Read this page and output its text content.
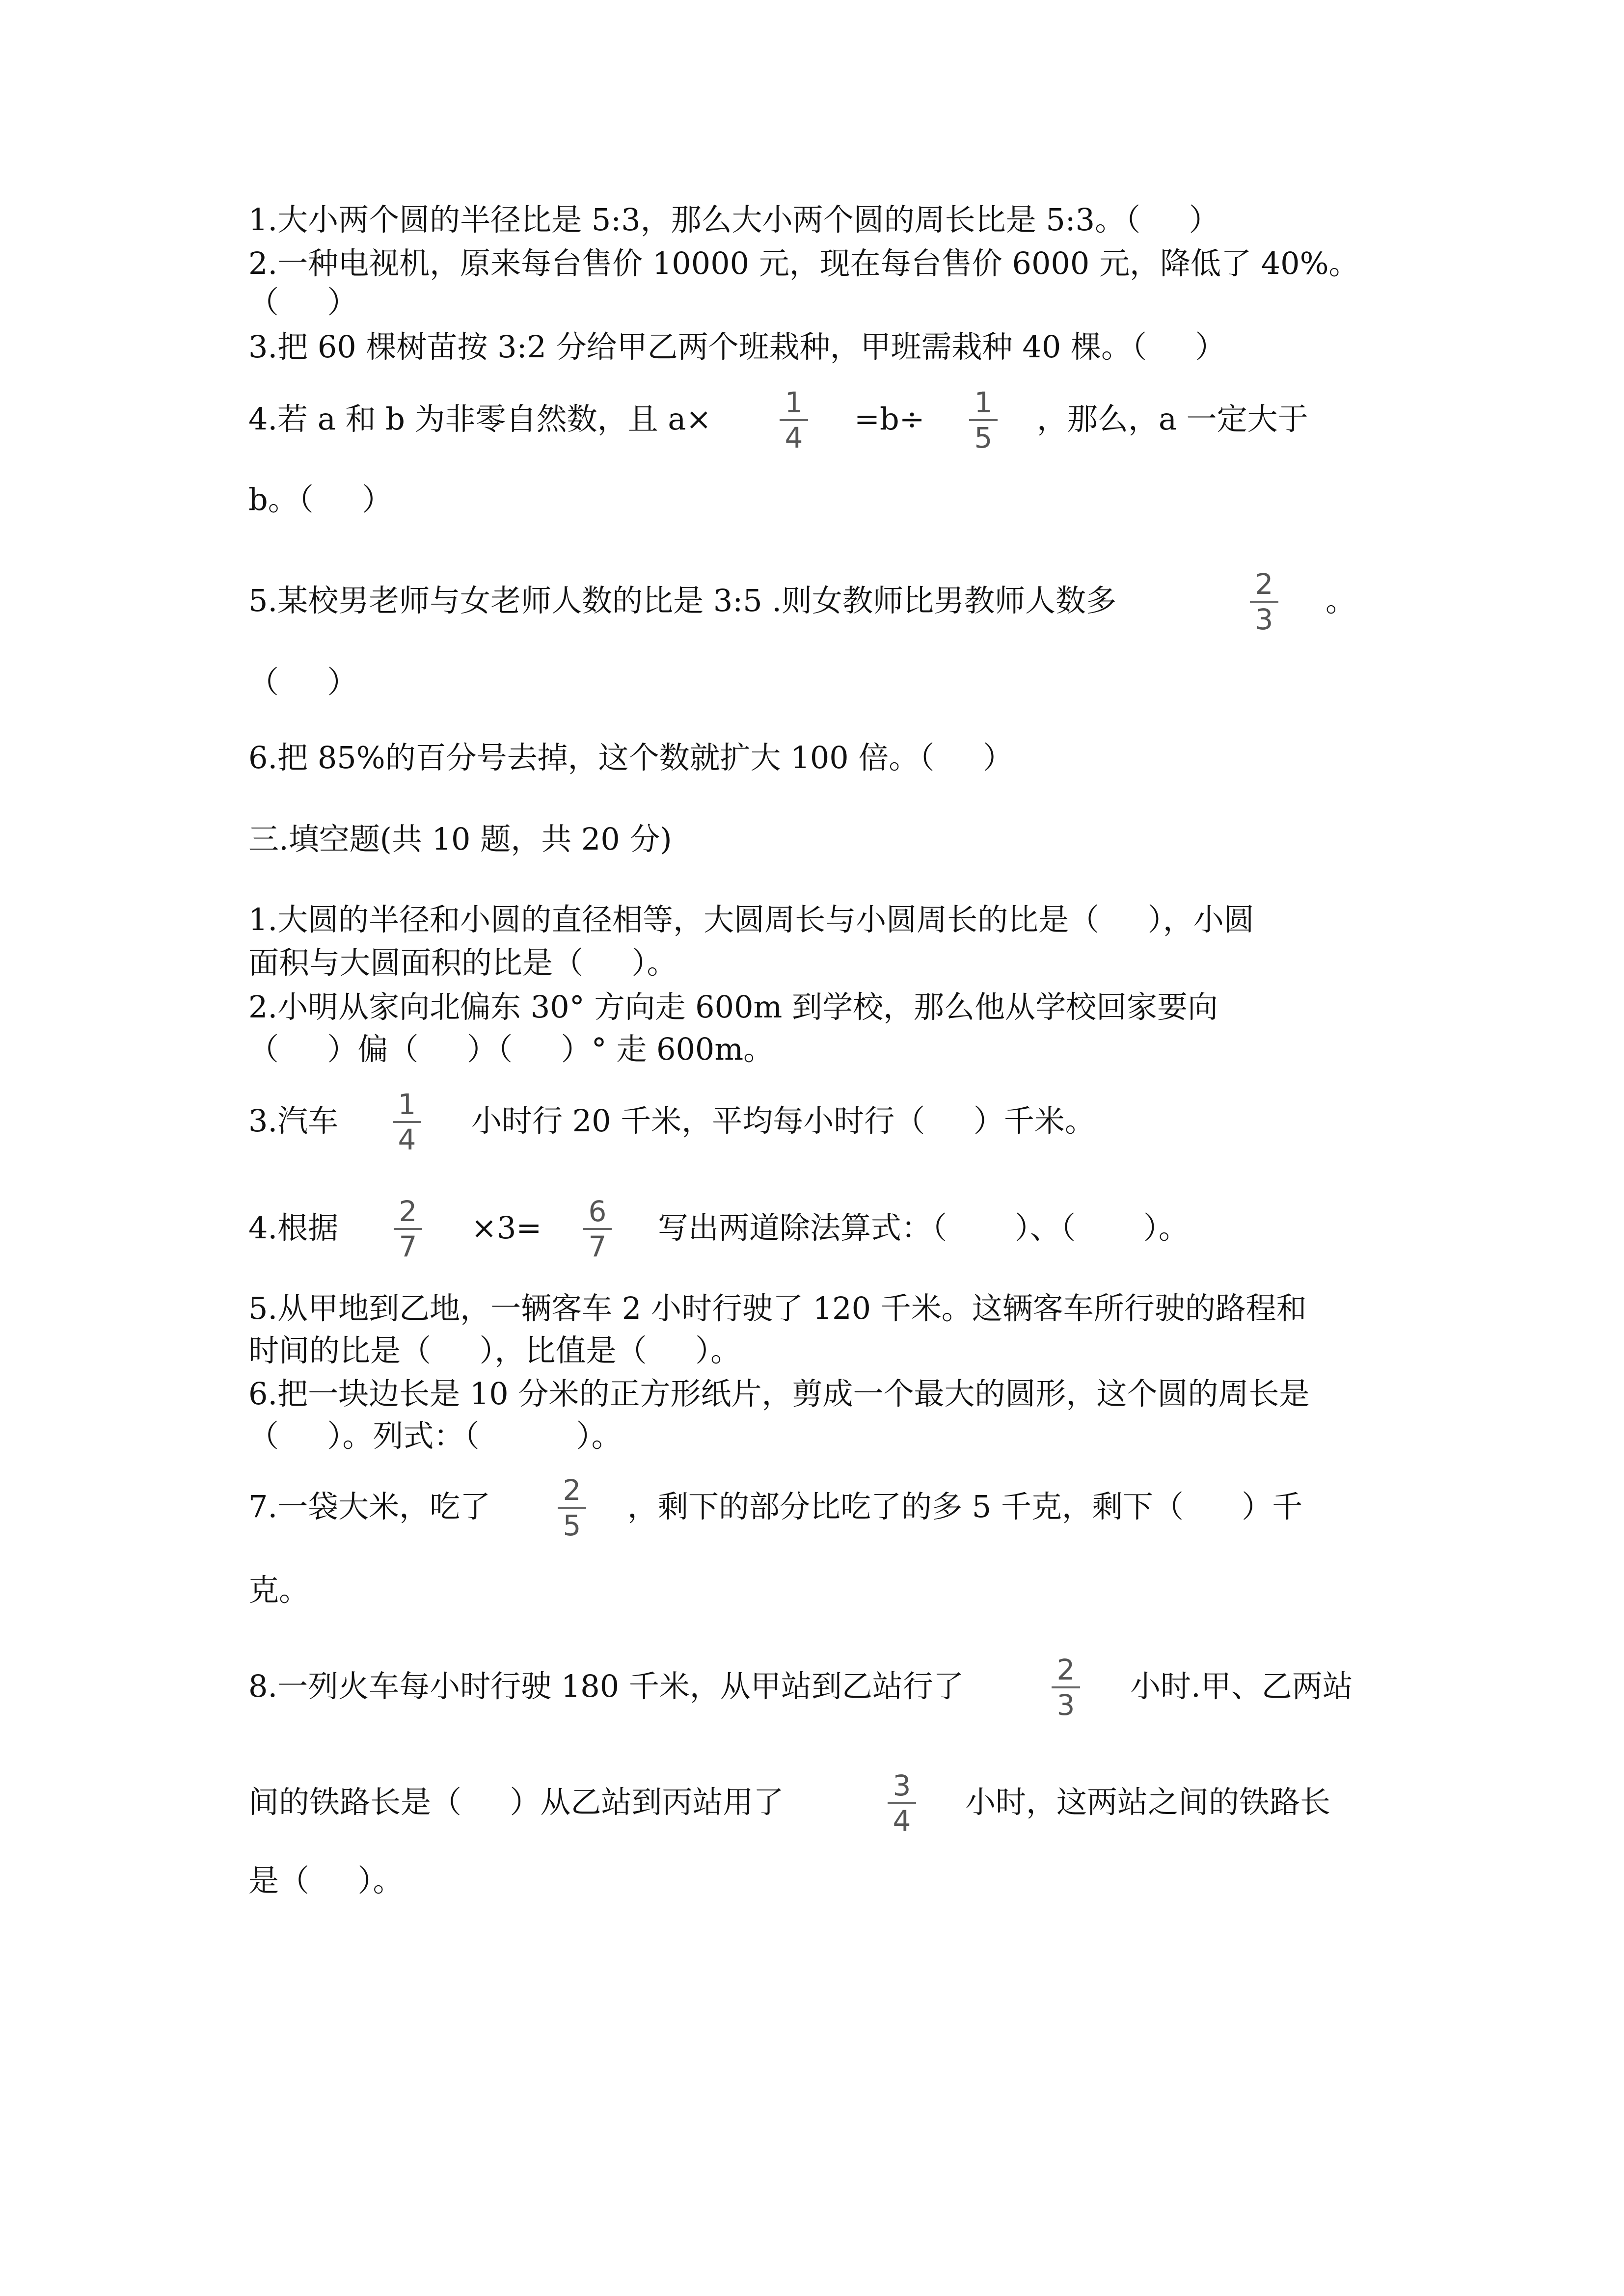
1.大小两个圆的半径比是 5:3，那么大小两个圆的周长比是 5:3。（     ）
2.一种电视机，原来每台售价 10000 元，现在每台售价 6000 元，降低了 40%。
（     ）
3.把 60 棵树苗按 3:2 分给甲乙两个班栽种，甲班需栽种 40 棵。（     ）
4.若 a 和 b 为非零自然数，且 a×	1
4
=b÷ 1
5
，那么，a 一定大于
b。（     ）
5.某校男老师与女老师人数的比是 3:5 .则女教师比男教师人数多	2
3
。
（     ）
6.把 85%的百分号去掉，这个数就扩大 100 倍。（     ）
三.填空题(共 10 题，共 20 分)
1.大圆的半径和小圆的直径相等，大圆周长与小圆周长的比是（     ），小圆
面积与大圆面积的比是（     ）。
2.小明从家向北偏东 30° 方向走 600m 到学校，那么他从学校回家要向
（     ）偏（     ）（     ）° 走 600m。
3.汽车 1
4
小时行 20 千米，平均每小时行（     ）千米。
4.根据 2
7
×3= 6
7
写出两道除法算式：（       ）、（       ）。
5.从甲地到乙地，一辆客车 2 小时行驶了 120 千米。这辆客车所行驶的路程和
时间的比是（     ），比值是（     ）。
6.把一块边长是 10 分米的正方形纸片，剪成一个最大的圆形，这个圆的周长是
（     ）。列式：（          ）。
7.一袋大米，吃了	2
5
，剩下的部分比吃了的多 5 千克，剩下（      ）千
克。
8.一列火车每小时行驶 180 千米，从甲站到乙站行了	2
3
小时.甲、乙两站
间的铁路长是（     ）从乙站到丙站用了	3
4
小时，这两站之间的铁路长
是（     ）。
